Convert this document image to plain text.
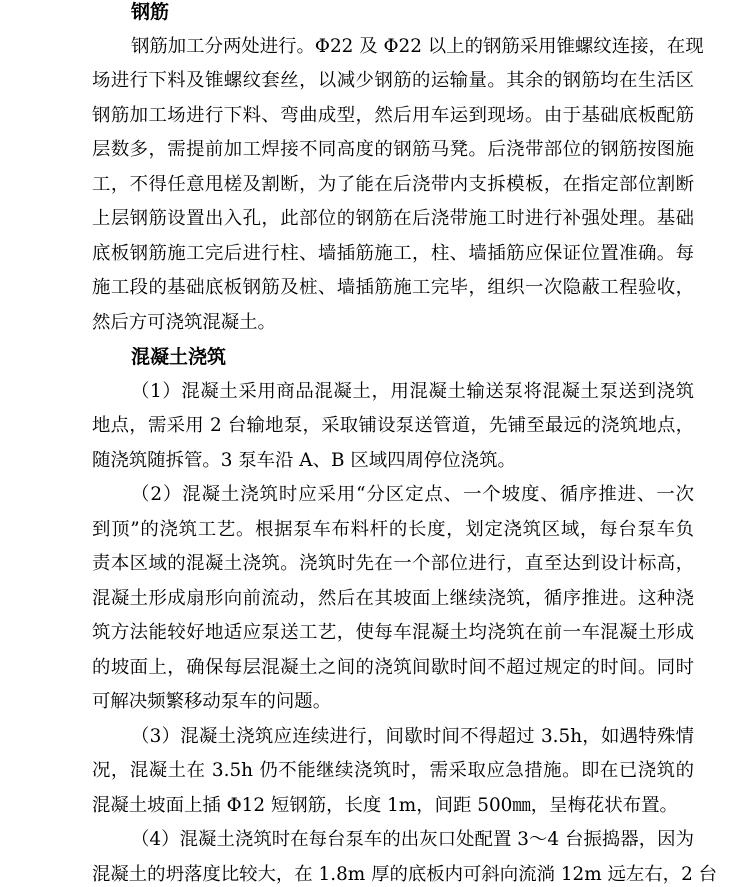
钢筋
钢筋加工分两处进行。Φ22 及 Φ22 以上的钢筋采用锥螺纹连接，在现
场进行下料及锥螺纹套丝，以减少钢筋的运输量。其余的钢筋均在生活区
钢筋加工场进行下料、弯曲成型，然后用车运到现场。由于基础底板配筋
层数多，需提前加工焊接不同高度的钢筋马凳。后浇带部位的钢筋按图施
工，不得任意甩槎及割断，为了能在后浇带内支拆模板，在指定部位割断
上层钢筋设置出入孔，此部位的钢筋在后浇带施工时进行补强处理。基础
底板钢筋施工完后进行柱、墙插筋施工，柱、墙插筋应保证位置准确。每
施工段的基础底板钢筋及桩、墙插筋施工完毕，组织一次隐蔽工程验收，
然后方可浇筑混凝土。
混凝土浇筑
（1）混凝土采用商品混凝土，用混凝土输送泵将混凝土泵送到浇筑
地点，需采用 2 台输地泵，采取铺设泵送管道，先铺至最远的浇筑地点，
随浇筑随拆管。3 泵车沿 A、B 区域四周停位浇筑。
（2）混凝土浇筑时应采用“分区定点、一个坡度、循序推进、一次
到顶”的浇筑工艺。根据泵车布料杆的长度，划定浇筑区域，每台泵车负
责本区域的混凝土浇筑。浇筑时先在一个部位进行，直至达到设计标高，
混凝土形成扇形向前流动，然后在其坡面上继续浇筑，循序推进。这种浇
筑方法能较好地适应泵送工艺，使每车混凝土均浇筑在前一车混凝土形成
的坡面上，确保每层混凝土之间的浇筑间歇时间不超过规定的时间。同时
可解决频繁移动泵车的问题。
（3）混凝土浇筑应连续进行，间歇时间不得超过 3.5h，如遇特殊情
况，混凝土在 3.5h 仍不能继续浇筑时，需采取应急措施。即在已浇筑的
混凝土坡面上插 Φ12 短钢筋，长度 1m，间距 500㎜，呈梅花状布置。
（4）混凝土浇筑时在每台泵车的出灰口处配置 3～4 台振捣器，因为
混凝土的坍落度比较大，在 1.8m 厚的底板内可斜向流淌 12m 远左右，2 台
